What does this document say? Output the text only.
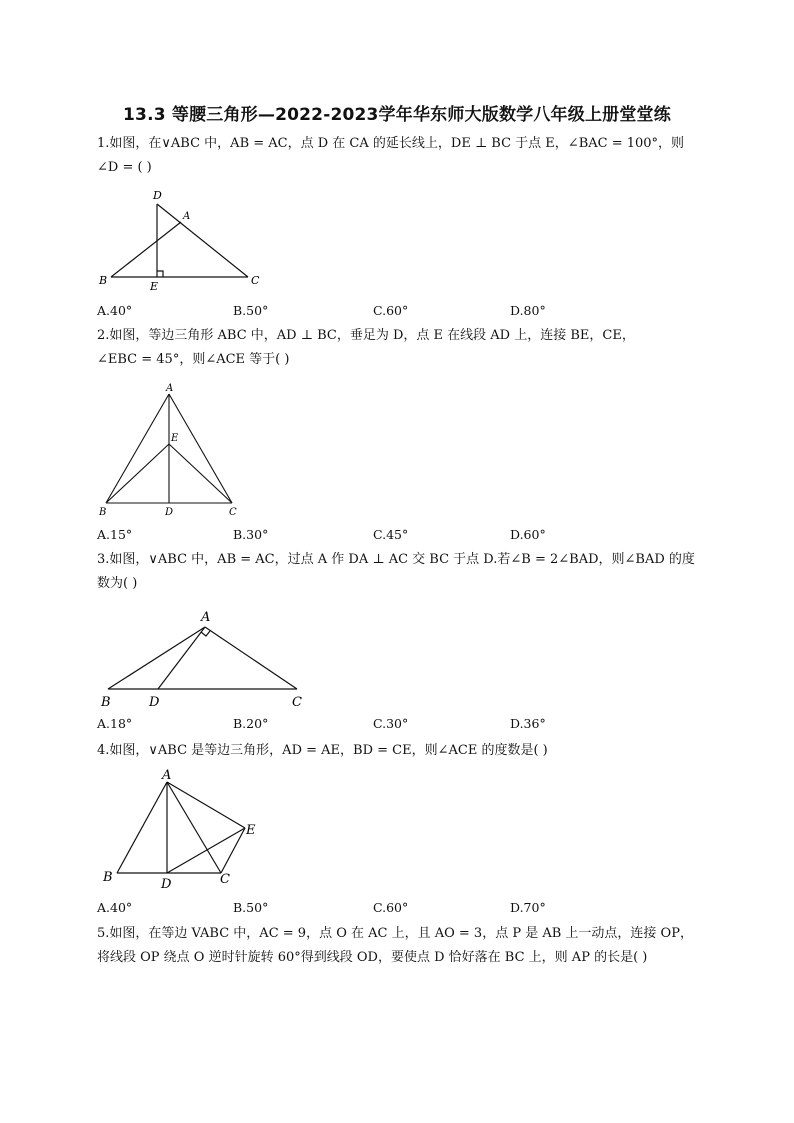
13.3 等腰三角形—2022-2023学年华东师大版数学八年级上册堂堂练
1.如图，在∨ABC 中，AB = AC，点 D 在 CA 的延长线上，DE ⊥ BC 于点 E，∠BAC = 100°，则
∠D = ( )
D
A
B	E	C
A.40°	B.50°	C.60°	D.80°
2.如图，等边三角形 ABC 中，AD ⊥ BC，垂足为 D，点 E 在线段 AD 上，连接 BE，CE，
∠EBC = 45°，则∠ACE 等于( )
A
E
B	D	C
A.15°	B.30°	C.45°	D.60°
3.如图，∨ABC 中，AB = AC，过点 A 作 DA ⊥ AC 交 BC 于点 D.若∠B = 2∠BAD，则∠BAD 的度
数为( )
A
B	D	C
A.18°	B.20°	C.30°	D.36°
4.如图，∨ABC 是等边三角形，AD = AE，BD = CE，则∠ACE 的度数是( )
A
E
B	D	C
A.40°	B.50°	C.60°	D.70°
5.如图，在等边 VABC 中，AC = 9，点 O 在 AC 上，且 AO = 3，点 P 是 AB 上一动点，连接 OP，
将线段 OP 绕点 O 逆时针旋转 60°得到线段 OD，要使点 D 恰好落在 BC 上，则 AP 的长是( )
